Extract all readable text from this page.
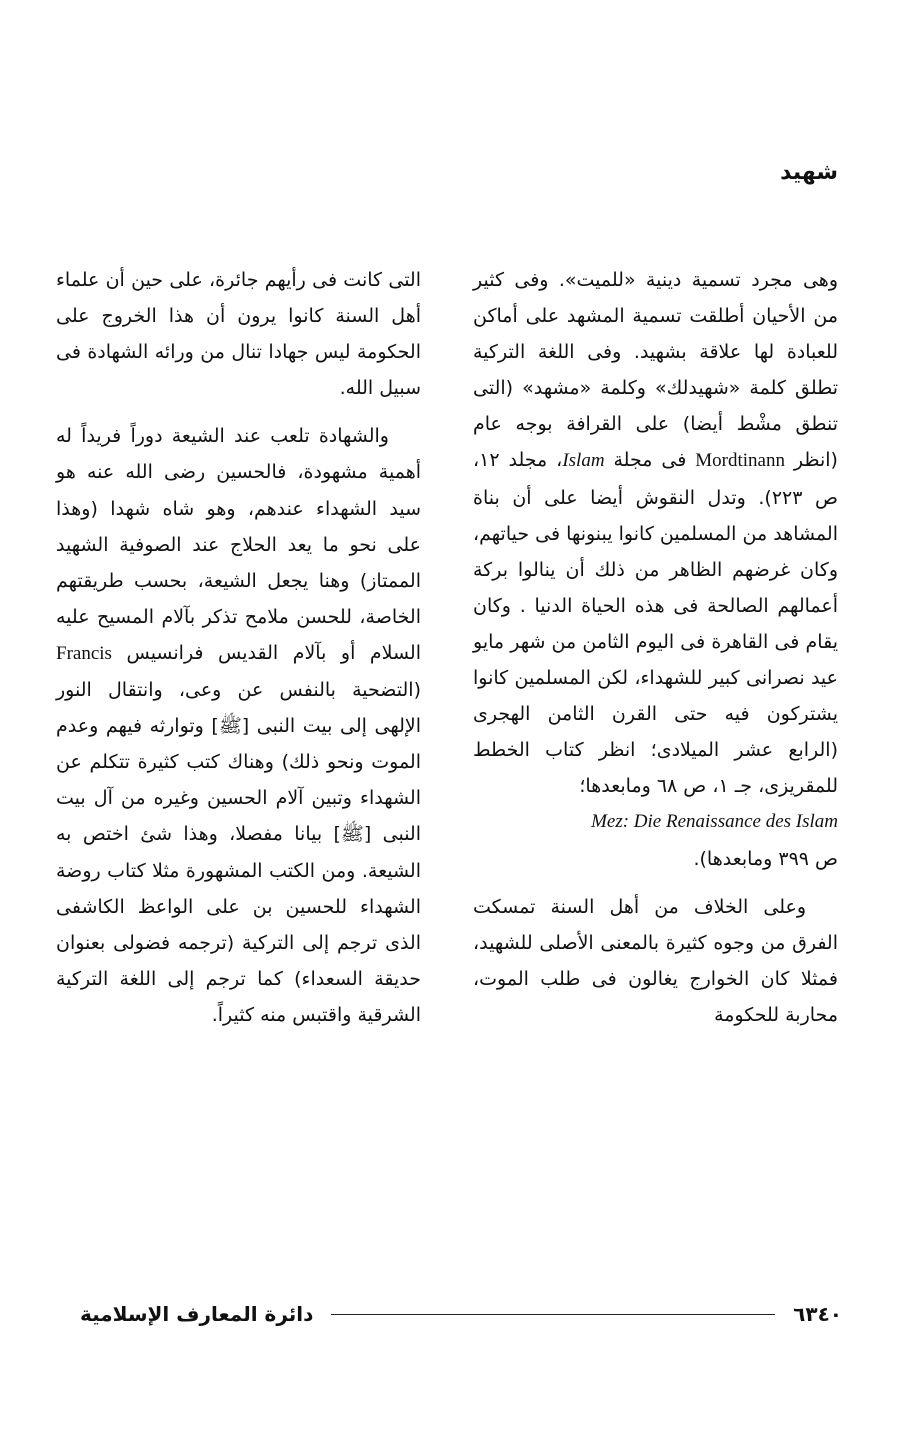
شهيد

وهى مجرد تسمية دينية «للميت». وفى كثير من الأحيان أطلقت تسمية المشهد على أماكن للعبادة لها علاقة بشهيد. وفى اللغة التركية تطلق كلمة «شهيدلك» وكلمة «مشهد» (التى تنطق مشْط أيضا) على القرافة بوجه عام (انظر Mordtinann فى مجلة Islam، مجلد ١٢، ص ٢٢٣). وتدل النقوش أيضا على أن بناة المشاهد من المسلمين كانوا يبنونها فى حياتهم، وكان غرضهم الظاهر من ذلك أن ينالوا بركة أعمالهم الصالحة فى هذه الحياة الدنيا . وكان يقام فى القاهرة فى اليوم الثامن من شهر مايو عيد نصرانى كبير للشهداء، لكن المسلمين كانوا يشتركون فيه حتى القرن الثامن الهجرى (الرابع عشر الميلادى؛ انظر كتاب الخطط للمقريزى، جـ ١، ص ٦٨ ومابعدها؛
Mez: Die Renaissance des Islam
ص ٣٩٩ ومابعدها).

وعلى الخلاف من أهل السنة تمسكت الفرق من وجوه كثيرة بالمعنى الأصلى للشهيد، فمثلا كان الخوارج يغالون فى طلب الموت، محاربة للحكومة

التى كانت فى رأيهم جائرة، على حين أن علماء أهل السنة كانوا يرون أن هذا الخروج على الحكومة ليس جهادا تنال من ورائه الشهادة فى سبيل الله.

والشهادة تلعب عند الشيعة دوراً فريداً له أهمية مشهودة، فالحسين رضى الله عنه هو سيد الشهداء عندهم، وهو شاه شهدا (وهذا على نحو ما يعد الحلاج عند الصوفية الشهيد الممتاز) وهنا يجعل الشيعة، بحسب طريقتهم الخاصة، للحسن ملامح تذكر بآلام المسيح عليه السلام أو بآلام القديس فرانسيس Francis (التضحية بالنفس عن وعى، وانتقال النور الإلهى إلى بيت النبى [ﷺ] وتوارثه فيهم وعدم الموت ونحو ذلك) وهناك كتب كثيرة تتكلم عن الشهداء وتبين آلام الحسين وغيره من آل بيت النبى [ﷺ] بيانا مفصلا، وهذا شئ اختص به الشيعة. ومن الكتب المشهورة مثلا كتاب روضة الشهداء للحسين بن على الواعظ الكاشفى الذى ترجم إلى التركية (ترجمه فضولى بعنوان حديقة السعداء) كما ترجم إلى اللغة التركية الشرقية واقتبس منه كثيراً.

دائرة المعارف الإسلامية	٦٣٤٠
